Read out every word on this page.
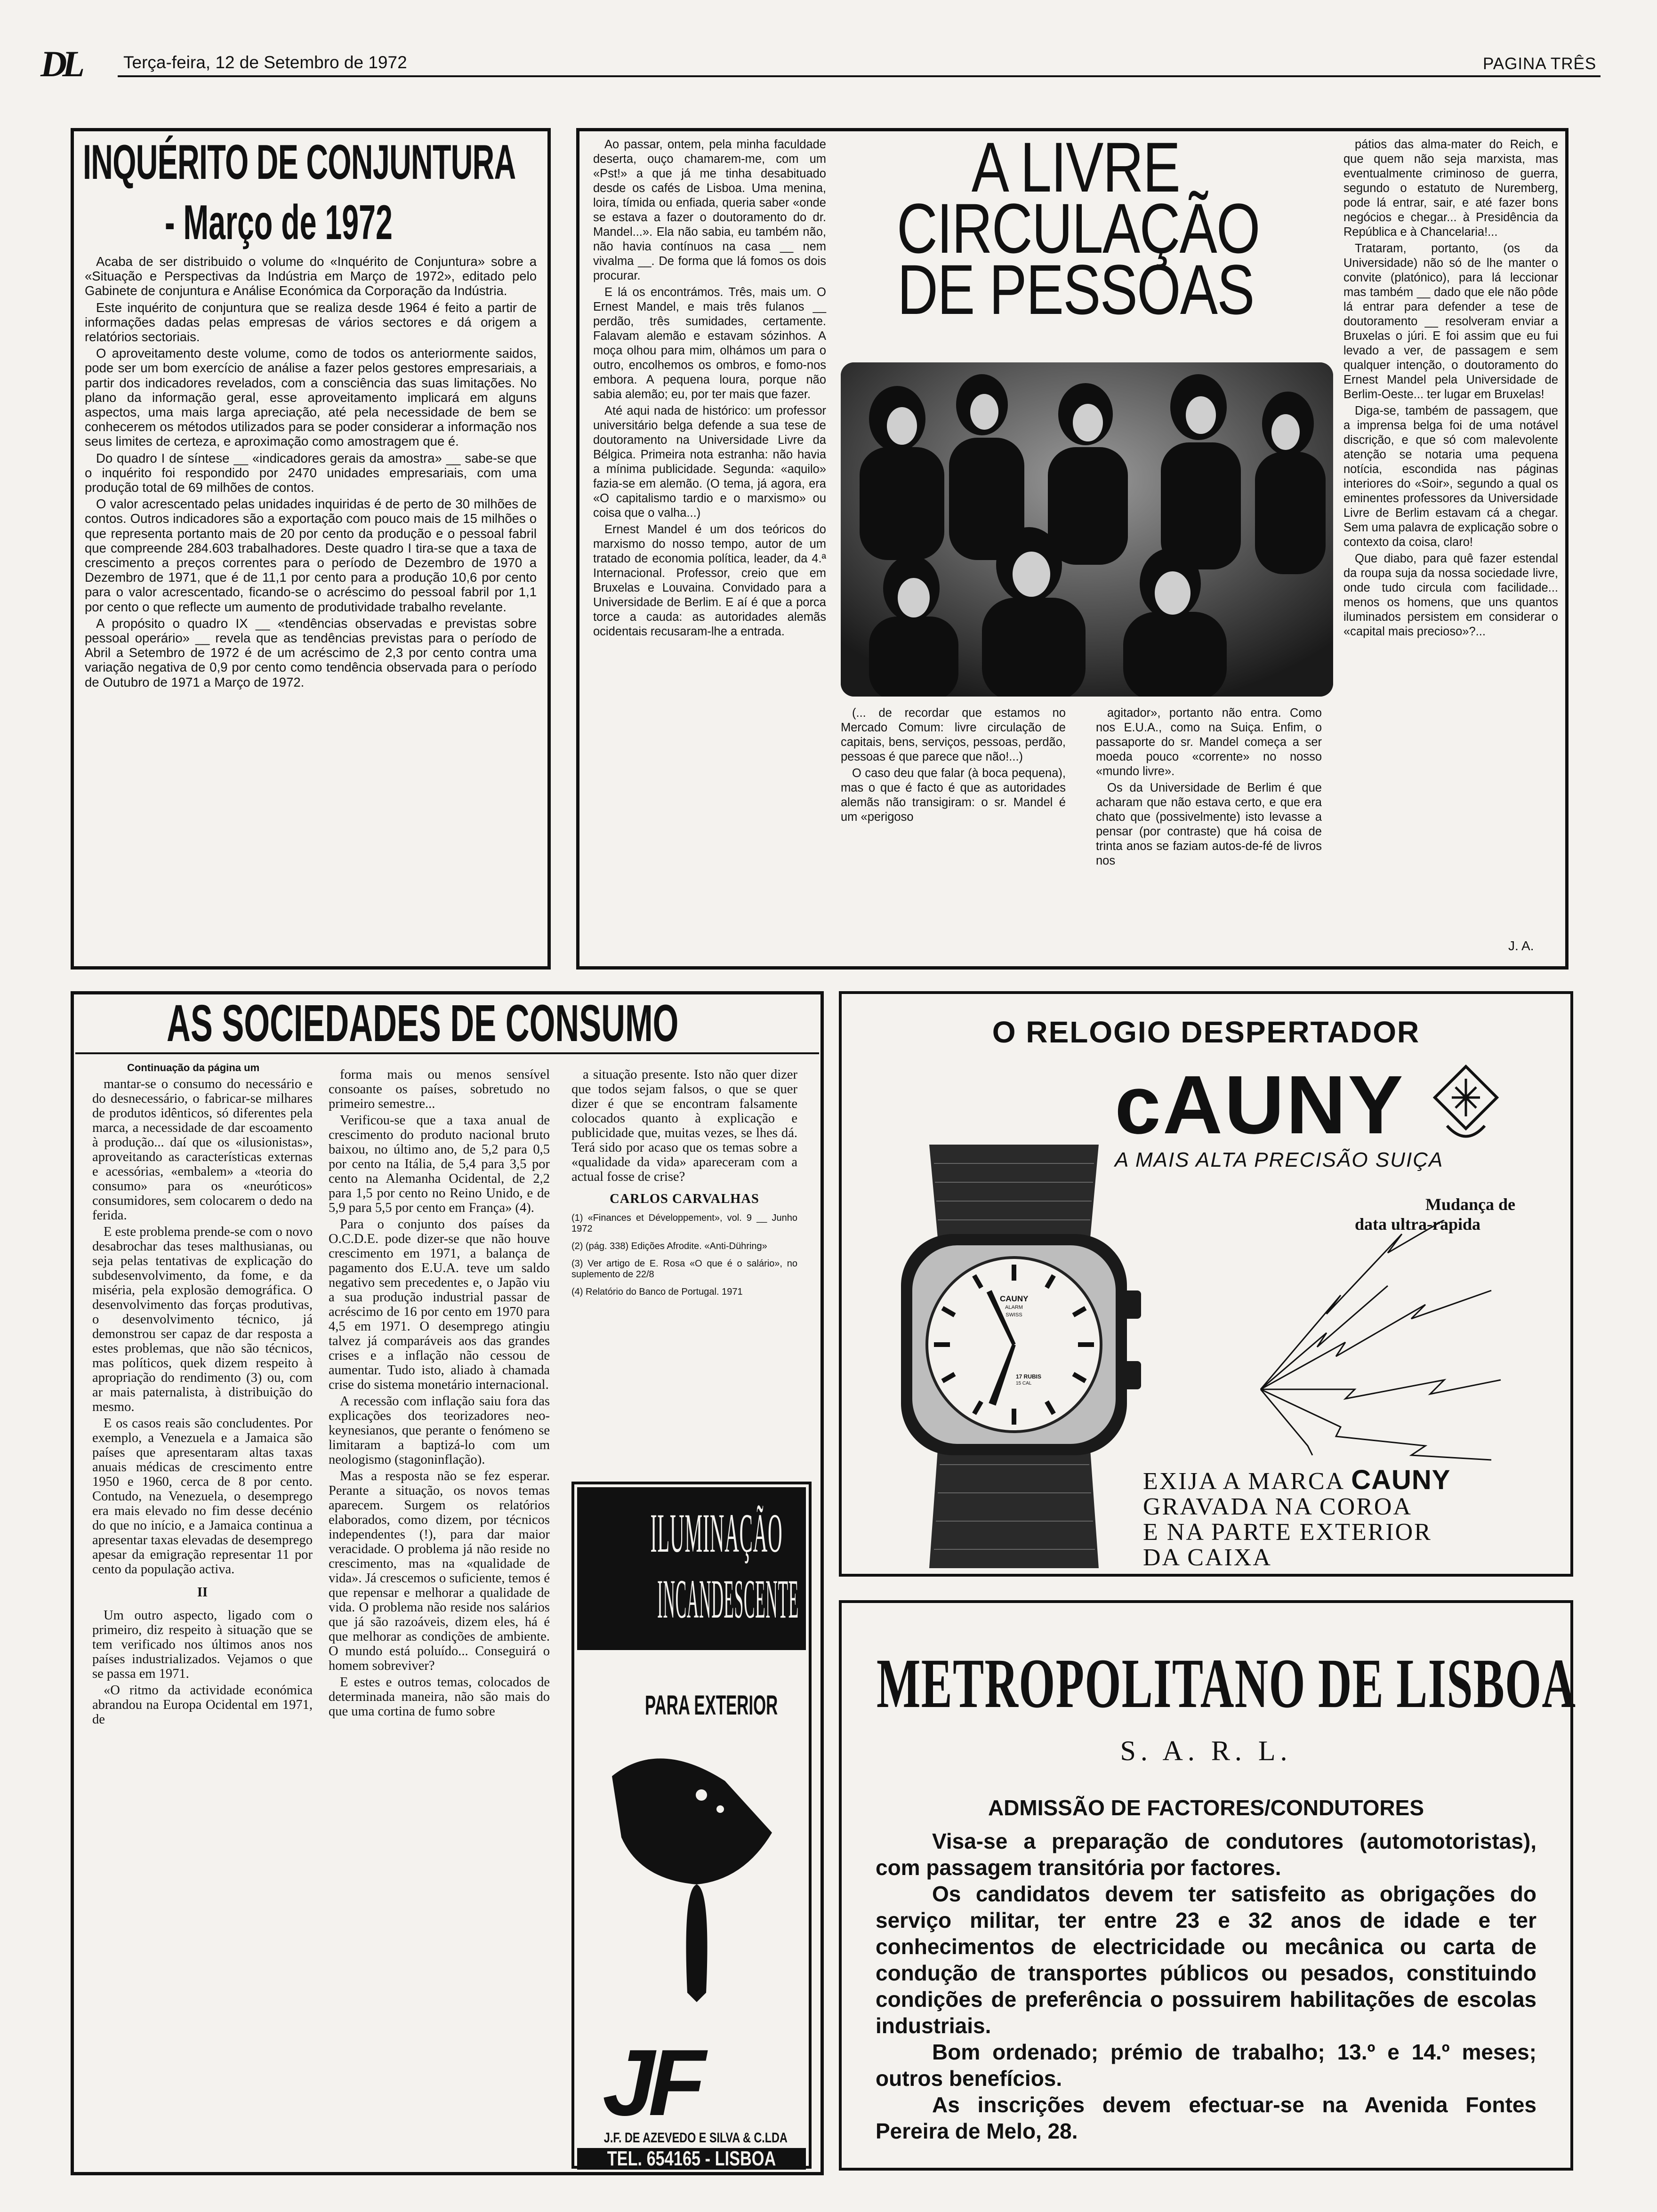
DL Terça-feira, 12 de Setembro de 1972	PAGINA TRÊS
INQUÉRITO DE CONJUNTURA
- Março de 1972

Acaba de ser distribuido o volume do «Inquérito de Conjuntura» sobre a «Situação e Perspectivas da Indústria em Março de 1972», editado pelo Gabinete de conjuntura e Análise Económica da Corporação da Indústria.

Este inquérito de conjuntura que se realiza desde 1964 é feito a partir de informações dadas pelas empresas de vários sectores e dá origem a relatórios sectoriais.

O aproveitamento deste volume, como de todos os anteriormente saidos, pode ser um bom exercício de análise a fazer pelos gestores empresariais, a partir dos indicadores revelados, com a consciência das suas limitações. No plano da informação geral, esse aproveitamento implicará em alguns aspectos, uma mais larga apreciação, até pela necessidade de bem se conhecerem os métodos utilizados para se poder considerar a informação nos seus limites de certeza, e aproximação como amostragem que é.

Do quadro I de síntese __ «indicadores gerais da amostra» __ sabe-se que o inquérito foi respondido por 2470 unidades empresariais, com uma produção total de 69 milhões de contos.

O valor acrescentado pelas unidades inquiridas é de perto de 30 milhões de contos. Outros indicadores são a exportação com pouco mais de 15 milhões o que representa portanto mais de 20 por cento da produção e o pessoal fabril que compreende 284.603 trabalhadores. Deste quadro I tira-se que a taxa de crescimento a preços correntes para o período de Dezembro de 1970 a Dezembro de 1971, que é de 11,1 por cento para a produção 10,6 por cento para o valor acrescentado, ficando-se o acréscimo do pessoal fabril por 1,1 por cento o que reflecte um aumento de produtividade trabalho revelante.

A propósito o quadro IX __ «tendências observadas e previstas sobre pessoal operário» __ revela que as tendências previstas para o período de Abril a Setembro de 1972 é de um acréscimo de 2,3 por cento contra uma variação negativa de 0,9 por cento como tendência observada para o período de Outubro de 1971 a Março de 1972.

A LIVRE
CIRCULAÇÃO
DE PESSOAS

Ao passar, ontem, pela minha faculdade deserta, ouço chamarem-me, com um «Pst!» a que já me tinha desabituado desde os cafés de Lisboa. Uma menina, loira, tímida ou enfiada, queria saber «onde se estava a fazer o doutoramento do dr. Mandel...». Ela não sabia, eu também não, não havia contínuos na casa __ nem vivalma __. De forma que lá fomos os dois procurar.

E lá os encontrámos. Três, mais um. O Ernest Mandel, e mais três fulanos __ perdão, três sumidades, certamente. Falavam alemão e estavam sózinhos. A moça olhou para mim, olhámos um para o outro, encolhemos os ombros, e fomo-nos embora. A pequena loura, porque não sabia alemão; eu, por ter mais que fazer.

Até aqui nada de histórico: um professor universitário belga defende a sua tese de doutoramento na Universidade Livre da Bélgica. Primeira nota estranha: não havia a mínima publicidade. Segunda: «aquilo» fazia-se em alemão. (O tema, já agora, era «O capitalismo tardio e o marxismo» ou coisa que o valha...)

Ernest Mandel é um dos teóricos do marxismo do nosso tempo, autor de um tratado de economia política, leader, da 4.ª Internacional. Professor, creio que em Bruxelas e Louvaina. Convidado para a Universidade de Berlim. E aí é que a porca torce a cauda: as autoridades alemãs ocidentais recusaram-lhe a entrada.

(... de recordar que estamos no Mercado Comum: livre circulação de capitais, bens, serviços, pessoas, perdão, pessoas é que parece que não!...)

O caso deu que falar (à boca pequena), mas o que é facto é que as autoridades alemãs não transigiram: o sr. Mandel é um «perigoso

agitador», portanto não entra. Como nos E.U.A., como na Suiça. Enfim, o passaporte do sr. Mandel começa a ser moeda pouco «corrente» no nosso «mundo livre».

Os da Universidade de Berlim é que acharam que não estava certo, e que era chato que (possivelmente) isto levasse a pensar (por contraste) que há coisa de trinta anos se faziam autos-de-fé de livros nos

pátios das alma-mater do Reich, e que quem não seja marxista, mas eventualmente criminoso de guerra, segundo o estatuto de Nuremberg, pode lá entrar, sair, e até fazer bons negócios e chegar... à Presidência da República e à Chancelaria!...

Trataram, portanto, (os da Universidade) não só de lhe manter o convite (platónico), para lá leccionar mas também __ dado que ele não pôde lá entrar para defender a tese de doutoramento __ resolveram enviar a Bruxelas o júri. E foi assim que eu fui levado a ver, de passagem e sem qualquer intenção, o doutoramento do Ernest Mandel pela Universidade de Berlim-Oeste... ter lugar em Bruxelas!

Diga-se, também de passagem, que a imprensa belga foi de uma notável discrição, e que só com malevolente atenção se notaria uma pequena notícia, escondida nas páginas interiores do «Soir», segundo a qual os eminentes professores da Universidade Livre de Berlim estavam cá a chegar. Sem uma palavra de explicação sobre o contexto da coisa, claro!

Que diabo, para quê fazer estendal da roupa suja da nossa sociedade livre, onde tudo circula com facilidade... menos os homens, que uns quantos iluminados persistem em considerar o «capital mais precioso»?...

J. A.
AS SOCIEDADES DE CONSUMO
Continuação da página um

mantar-se o consumo do necessário e do desnecessário, o fabricar-se milhares de produtos idênticos, só diferentes pela marca, a necessidade de dar escoamento à produção... daí que os «ilusionistas», aproveitando as características externas e acessórias, «embalem» a «teoria do consumo» para os «neuróticos» consumidores, sem colocarem o dedo na ferida.

E este problema prende-se com o novo desabrochar das teses malthusianas, ou seja pelas tentativas de explicação do subdesenvolvimento, da fome, e da miséria, pela explosão demográfica. O desenvolvimento das forças produtivas, o desenvolvimento técnico, já demonstrou ser capaz de dar resposta a estes problemas, que não são técnicos, mas políticos, quek dizem respeito à apropriação do rendimento (3) ou, com ar mais paternalista, à distribuição do mesmo.

E os casos reais são concludentes. Por exemplo, a Venezuela e a Jamaica são países que apresentaram altas taxas anuais médicas de crescimento entre 1950 e 1960, cerca de 8 por cento. Contudo, na Venezuela, o desemprego era mais elevado no fim desse decénio do que no início, e a Jamaica continua a apresentar taxas elevadas de desemprego apesar da emigração representar 11 por cento da população activa.

II

Um outro aspecto, ligado com o primeiro, diz respeito à situação que se tem verificado nos últimos anos nos países industrializados. Vejamos o que se passa em 1971.

«O ritmo da actividade económica abrandou na Europa Ocidental em 1971, de

forma mais ou menos sensível consoante os países, sobretudo no primeiro semestre...

Verificou-se que a taxa anual de crescimento do produto nacional bruto baixou, no último ano, de 5,2 para 0,5 por cento na Itália, de 5,4 para 3,5 por cento na Alemanha Ocidental, de 2,2 para 1,5 por cento no Reino Unido, e de 5,9 para 5,5 por cento em França» (4).

Para o conjunto dos países da O.C.D.E. pode dizer-se que não houve crescimento em 1971, a balança de pagamento dos E.U.A. teve um saldo negativo sem precedentes e, o Japão viu a sua produção industrial passar de acréscimo de 16 por cento em 1970 para 4,5 em 1971. O desemprego atingiu talvez já comparáveis aos das grandes crises e a inflação não cessou de aumentar. Tudo isto, aliado à chamada crise do sistema monetário internacional.

A recessão com inflação saiu fora das explicações dos teorizadores neo-keynesianos, que perante o fenómeno se limitaram a baptizá-lo com um neologismo (stagoninflação).

Mas a resposta não se fez esperar. Perante a situação, os novos temas aparecem. Surgem os relatórios elaborados, como dizem, por técnicos independentes (!), para dar maior veracidade. O problema já não reside no crescimento, mas na «qualidade de vida». Já crescemos o suficiente, temos é que repensar e melhorar a qualidade de vida. O problema não reside nos salários que já são razoáveis, dizem eles, há é que melhorar as condições de ambiente. O mundo está poluído... Conseguirá o homem sobreviver?

E estes e outros temas, colocados de determinada maneira, não são mais do que uma cortina de fumo sobre

a situação presente. Isto não quer dizer que todos sejam falsos, o que se quer dizer é que se encontram falsamente colocados quanto à explicação e publicidade que, muitas vezes, se lhes dá. Terá sido por acaso que os temas sobre a «qualidade da vida» apareceram com a actual fosse de crise?

CARLOS CARVALHAS
(1) «Finances et Développement», vol. 9 __ Junho 1972
(2) (pág. 338) Edições Afrodite. «Anti-Dühring»
(3) Ver artigo de E. Rosa «O que é o salário», no suplemento de 22/8
(4) Relatório do Banco de Portugal. 1971
ILUMINAÇÃO
INCANDESCENTE
PARA EXTERIOR
JF
J.F. DE AZEVEDO E SILVA & C.LDA
TEL. 654165 - LISBOA
O RELOGIO DESPERTADOR
cAUNY
A MAIS ALTA PRECISÃO SUIÇA
Mudança de
data ultra-rapida
CAUNY
ALARM
SWISS
17 RUBIS
15 CAL
EXIJA A MARCA CAUNY
GRAVADA NA COROA
E NA PARTE EXTERIOR
DA CAIXA
METROPOLITANO DE LISBOA
S. A. R. L.
ADMISSÃO DE FACTORES/CONDUTORES

Visa-se a preparação de condutores (automotoristas), com passagem transitória por factores.

Os candidatos devem ter satisfeito as obrigações do serviço militar, ter entre 23 e 32 anos de idade e ter conhecimentos de electricidade ou mecânica ou carta de condução de transportes públicos ou pesados, constituindo condições de preferência o possuirem habilitações de escolas industriais.

Bom ordenado; prémio de trabalho; 13.º e 14.º meses; outros benefícios.

As inscrições devem efectuar-se na Avenida Fontes Pereira de Melo, 28.
